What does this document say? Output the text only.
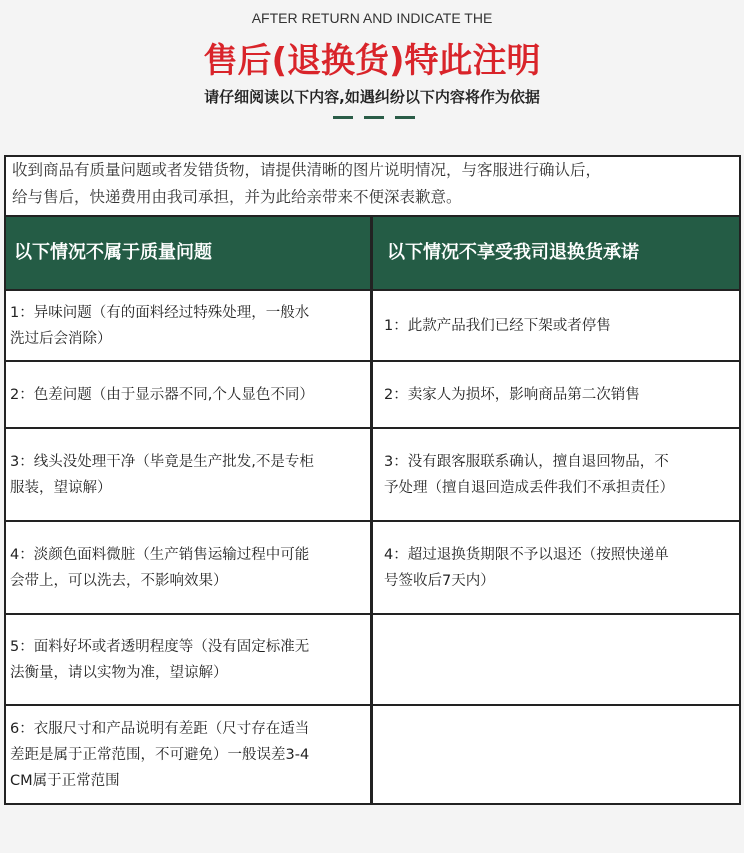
AFTER RETURN AND INDICATE THE
售后(退换货)特此注明
请仔细阅读以下内容,如遇纠纷以下内容将作为依据
收到商品有质量问题或者发错货物，请提供清晰的图片说明情况，与客服进行确认后，
给与售后，快递费用由我司承担，并为此给亲带来不便深表歉意。
以下情况不属于质量问题	以下情况不享受我司退换货承诺
1：异味问题（有的面料经过特殊处理，一般水
洗过后会消除）
2：色差问题（由于显示器不同,个人显色不同）
3：线头没处理干净（毕竟是生产批发,不是专柜
服装，望谅解）
4：淡颜色面料微脏（生产销售运输过程中可能
会带上，可以洗去，不影响效果）
5：面料好坏或者透明程度等（没有固定标准无
法衡量，请以实物为准，望谅解）
6：衣服尺寸和产品说明有差距（尺寸存在适当
差距是属于正常范围，不可避免）一般误差3-4
CM属于正常范围
1：此款产品我们已经下架或者停售
2：卖家人为损坏，影响商品第二次销售
3：没有跟客服联系确认，擅自退回物品，不
予处理（擅自退回造成丢件我们不承担责任）
4：超过退换货期限不予以退还（按照快递单
号签收后7天内）
